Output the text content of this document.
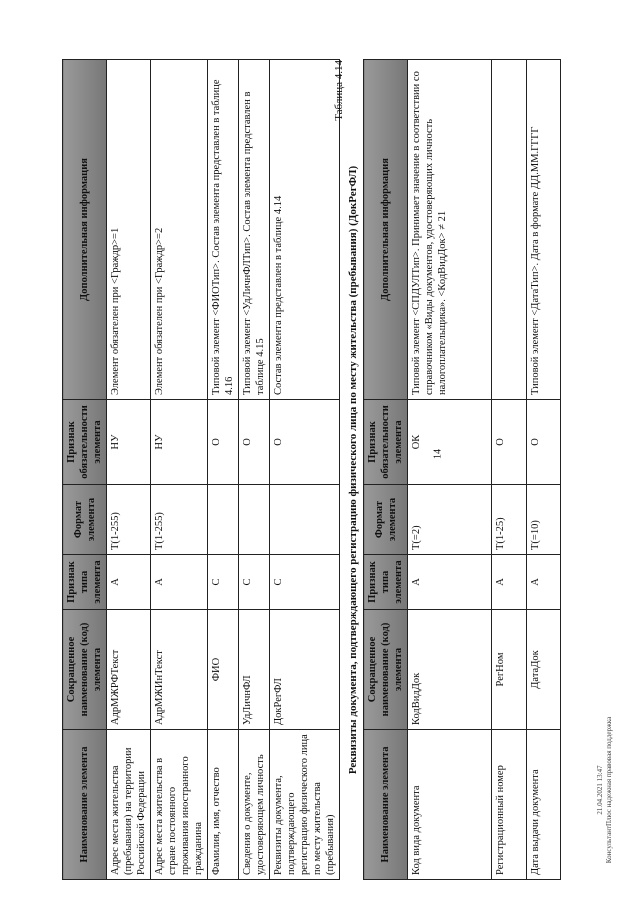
14
21.04.2021 13:47 КонсультантПлюс надежная правовая поддержка
Наименование элемента	Сокращенное наименование (код) элемента	Признак типа элемента	Формат элемента	Признак обязательности элемента	Дополнительная информация
Адрес места жительства (пребывания) на территории Российской Федерации	АдрМЖРФТекст	А	T(1-255)	НУ	Элемент обязателен при <Граждр>=1
Адрес места жительства в стране постоянного проживания иностранного гражданина	АдрМЖИнТекст	А	T(1-255)	НУ	Элемент обязателен при <Граждр>=2
Фамилия, имя, отчество	ФИО	С		О	Типовой элемент <ФИОТип>. Состав элемента представлен в таблице 4.16
Сведения о документе, удостоверяющем личность	УдЛичнФЛ	С		О	Типовой элемент <УдЛичнФЛТип>. Состав элемента представлен в таблице 4.15
Реквизиты документа, подтверждающего регистрацию физического лица по месту жительства (пребывания)	ДокРегФЛ	С		О	Состав элемента представлен в таблице 4.14
Таблица 4.14
Реквизиты документа, подтверждающего регистрацию физического лица по месту жительства (пребывания) (ДокРегФЛ)
Наименование элемента	Сокращенное наименование (код) элемента	Признак типа элемента	Формат элемента	Признак обязательности элемента	Дополнительная информация
Код вида документа	КодВидДок	А	T(=2)	ОК	Типовой элемент <СПДУЛТип>. Принимает значение в соответствии со справочником «Виды документов, удостоверяющих личность налогоплательщика». <КодВидДок> ≠ 21
Регистрационный номер	РегНом	А	T(1-25)	О	
Дата выдачи документа	ДатаДок	А	T(=10)	О	Типовой элемент <ДатаТип>. Дата в формате ДД.ММ.ГГГГ
